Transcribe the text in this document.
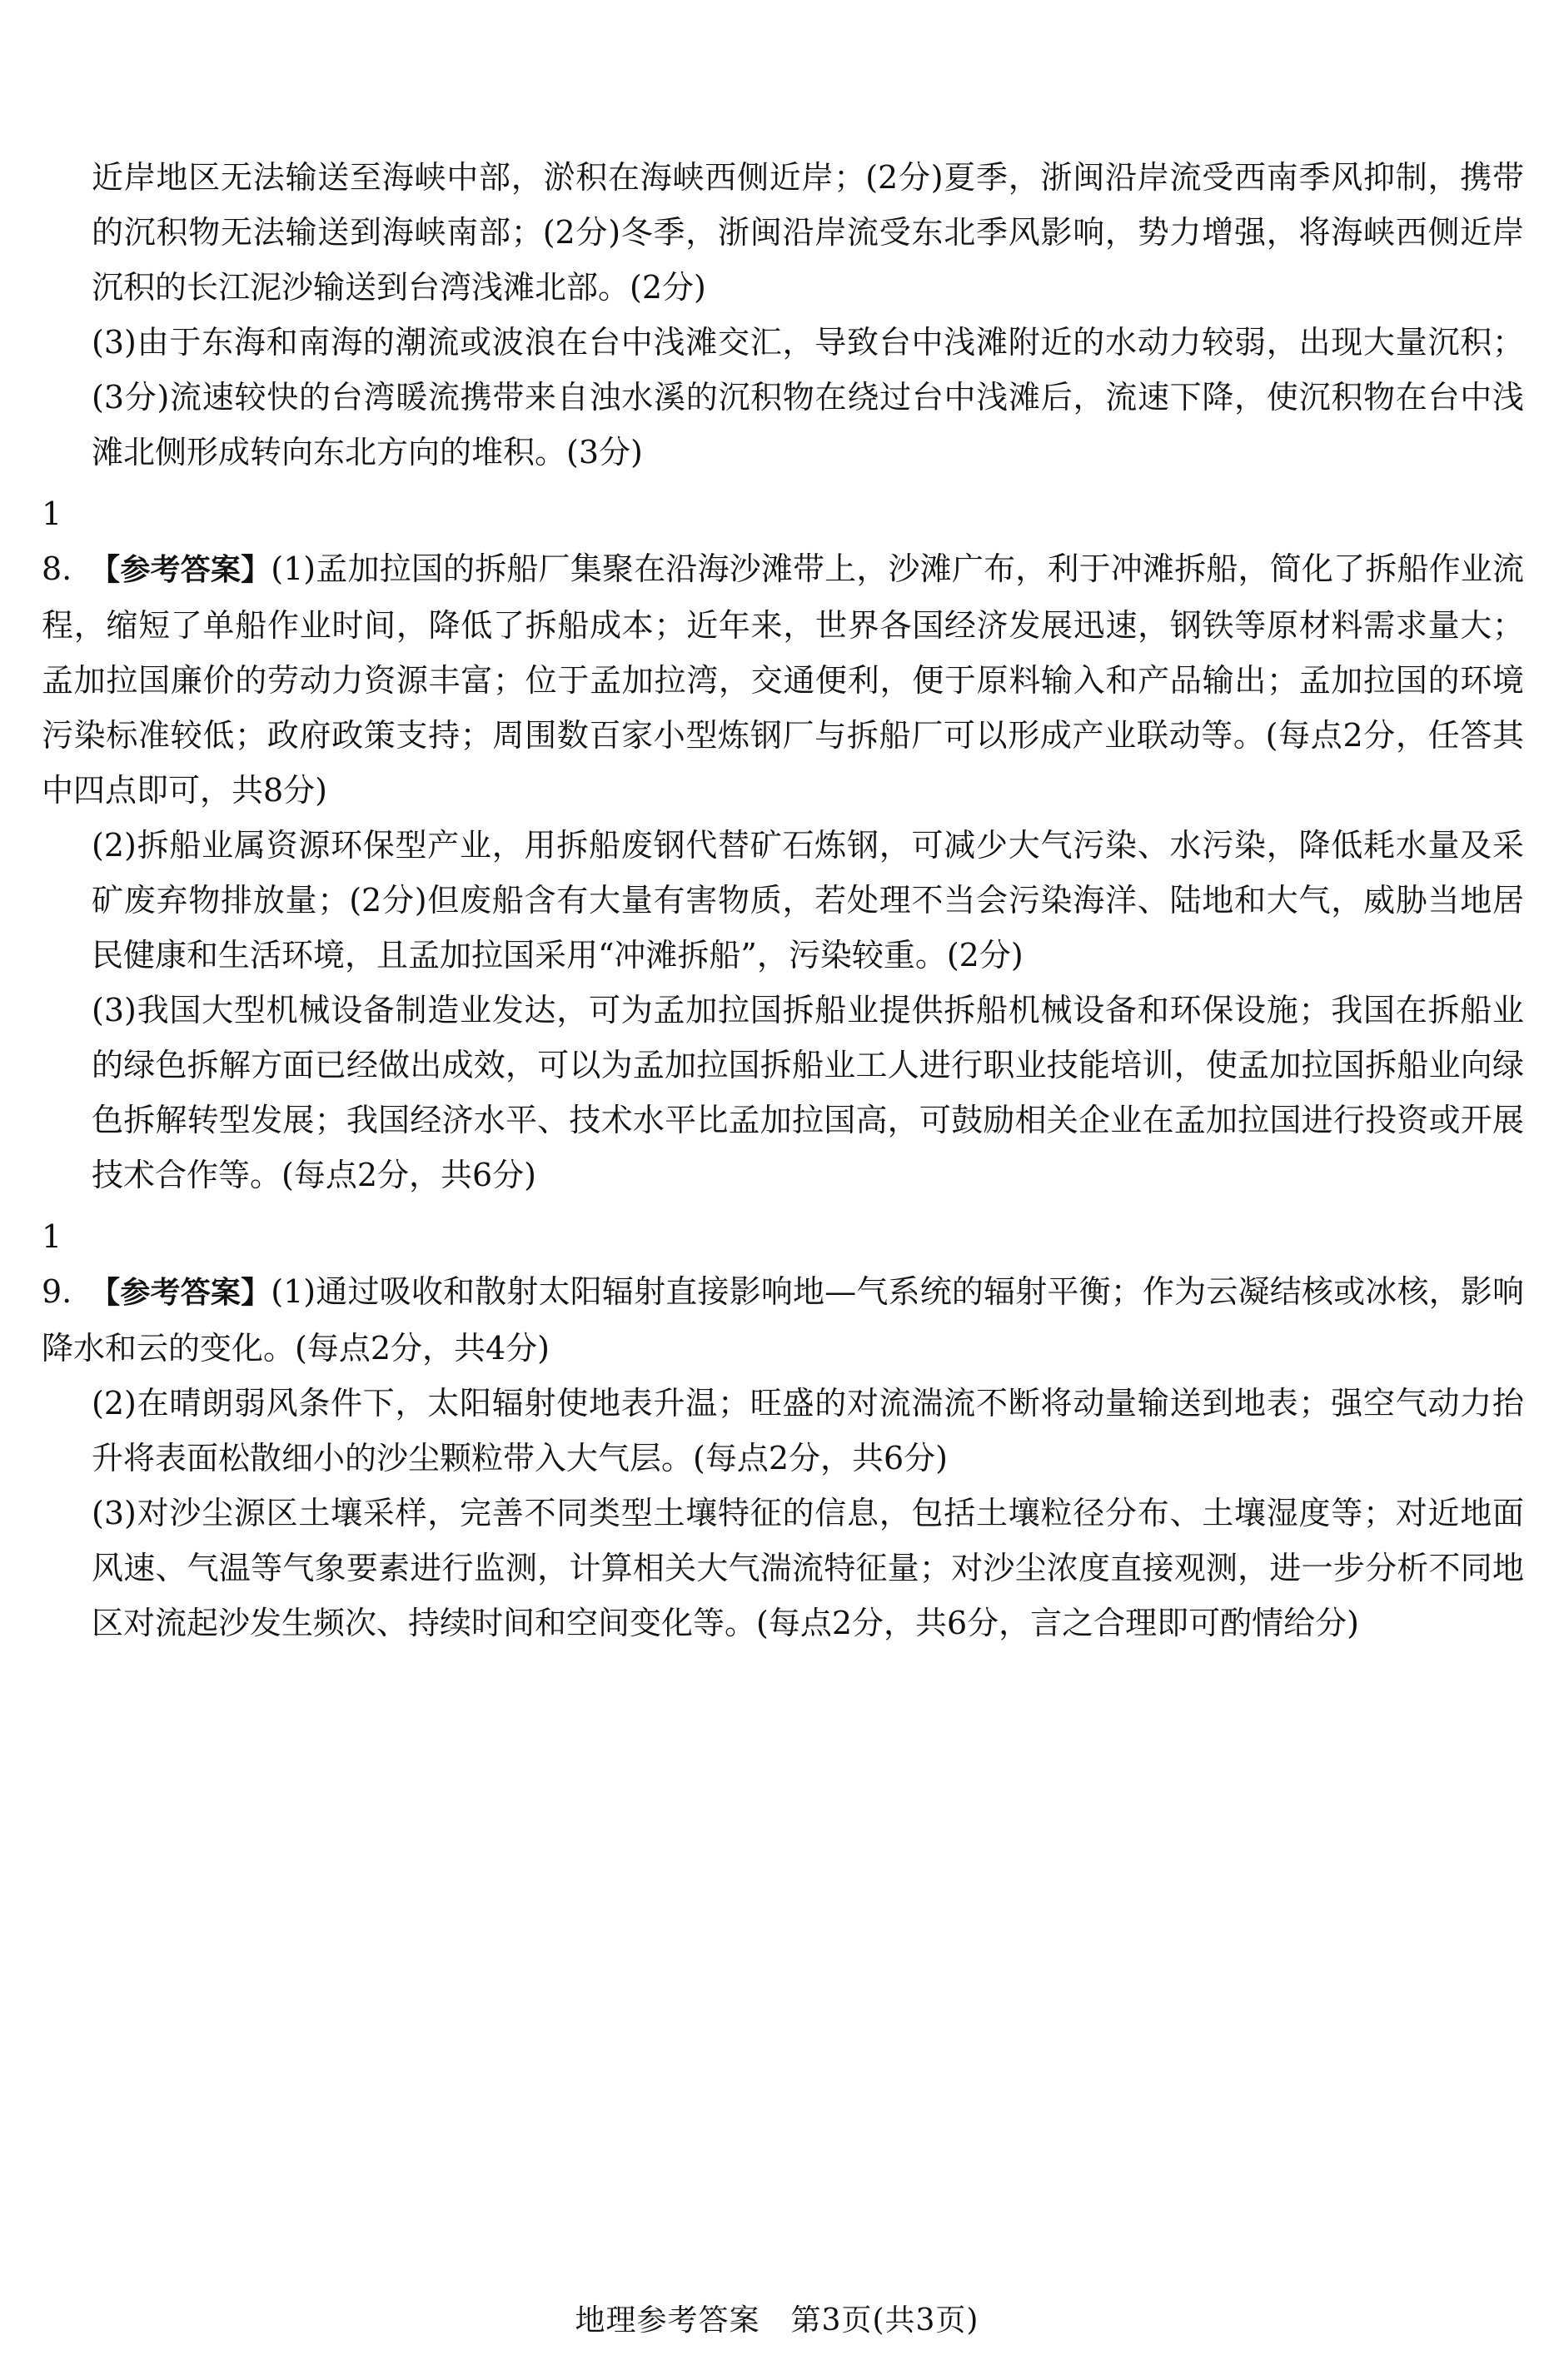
近岸地区无法输送至海峡中部，淤积在海峡西侧近岸；(2分)夏季，浙闽沿岸流受西南季风抑制，携带的沉积物无法输送到海峡南部；(2分)冬季，浙闽沿岸流受东北季风影响，势力增强，将海峡西侧近岸沉积的长江泥沙输送到台湾浅滩北部。(2分)

(3)由于东海和南海的潮流或波浪在台中浅滩交汇，导致台中浅滩附近的水动力较弱，出现大量沉积；(3分)流速较快的台湾暖流携带来自浊水溪的沉积物在绕过台中浅滩后，流速下降，使沉积物在台中浅滩北侧形成转向东北方向的堆积。(3分)

18. 【参考答案】(1)孟加拉国的拆船厂集聚在沿海沙滩带上，沙滩广布，利于冲滩拆船，简化了拆船作业流程，缩短了单船作业时间，降低了拆船成本；近年来，世界各国经济发展迅速，钢铁等原材料需求量大；孟加拉国廉价的劳动力资源丰富；位于孟加拉湾，交通便利，便于原料输入和产品输出；孟加拉国的环境污染标准较低；政府政策支持；周围数百家小型炼钢厂与拆船厂可以形成产业联动等。(每点2分，任答其中四点即可，共8分)

(2)拆船业属资源环保型产业，用拆船废钢代替矿石炼钢，可减少大气污染、水污染，降低耗水量及采矿废弃物排放量；(2分)但废船含有大量有害物质，若处理不当会污染海洋、陆地和大气，威胁当地居民健康和生活环境，且孟加拉国采用“冲滩拆船”，污染较重。(2分)

(3)我国大型机械设备制造业发达，可为孟加拉国拆船业提供拆船机械设备和环保设施；我国在拆船业的绿色拆解方面已经做出成效，可以为孟加拉国拆船业工人进行职业技能培训，使孟加拉国拆船业向绿色拆解转型发展；我国经济水平、技术水平比孟加拉国高，可鼓励相关企业在孟加拉国进行投资或开展技术合作等。(每点2分，共6分)

19. 【参考答案】(1)通过吸收和散射太阳辐射直接影响地—气系统的辐射平衡；作为云凝结核或冰核，影响降水和云的变化。(每点2分，共4分)

(2)在晴朗弱风条件下，太阳辐射使地表升温；旺盛的对流湍流不断将动量输送到地表；强空气动力抬升将表面松散细小的沙尘颗粒带入大气层。(每点2分，共6分)

(3)对沙尘源区土壤采样，完善不同类型土壤特征的信息，包括土壤粒径分布、土壤湿度等；对近地面风速、气温等气象要素进行监测，计算相关大气湍流特征量；对沙尘浓度直接观测，进一步分析不同地区对流起沙发生频次、持续时间和空间变化等。(每点2分，共6分，言之合理即可酌情给分)

地理参考答案　第3页(共3页)
